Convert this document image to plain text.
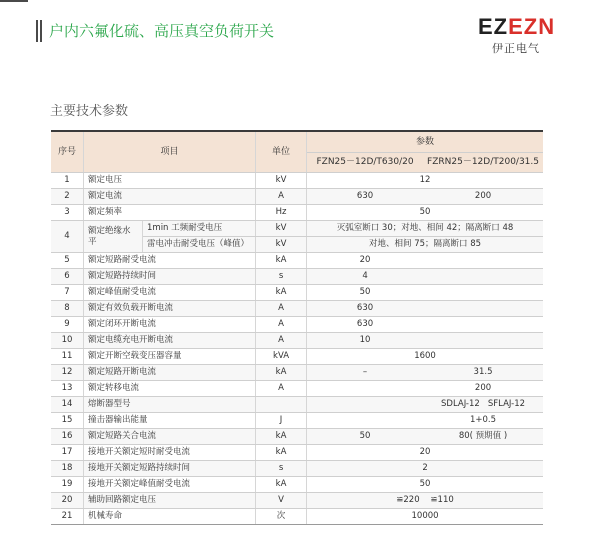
户内六氟化硫、高压真空负荷开关	EZEZN
伊正电气
主要技术参数
序号	项目		单位	参数	
				FZN25－12D/T630/20	FZRN25－12D/T200/31.5
1	额定电压		kV	12	
2	额定电流		A	630	200
3	额定频率		Hz	50	
4	额定绝缘水平	1min 工频耐受电压	kV	灭弧室断口 30；对地、相间 42；隔离断口 48	
		雷电冲击耐受电压（峰值）	kV	对地、相间 75；隔离断口 85	
5	额定短路耐受电流		kA	20	
6	额定短路持续时间		s	4	
7	额定峰值耐受电流		kA	50	
8	额定有效负载开断电流		A	630	
9	额定闭环开断电流		A	630	
10	额定电缆充电开断电流		A	10	
11	额定开断空载变压器容量		kVA	1600	
12	额定短路开断电流		kA	–	31.5
13	额定转移电流		A		200
14	熔断器型号				SDLAJ-12   SFLAJ-12
15	撞击器输出能量		J		1+0.5
16	额定短路关合电流		kA	50	80( 预期值 )
17	接地开关额定短时耐受电流		kA	20	
18	接地开关额定短路持续时间		s	2	
19	接地开关额定峰值耐受电流		kA	50	
20	辅助回路额定电压		V	≌220    ≌110	
21	机械寿命		次	10000	
